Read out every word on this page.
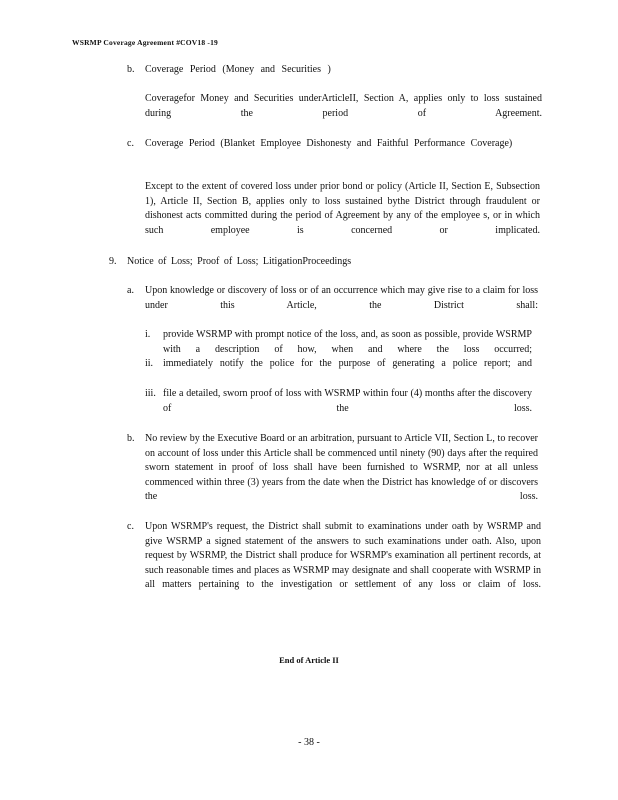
WSRMP Coverage Agreement #COV18 -19
b. Coverage Period (Money and Securities )
Coveragefor Money and Securities underArticleII, Section A, applies only to loss sustained during the period of Agreement.
c. Coverage Period (Blanket Employee Dishonesty and Faithful Performance Coverage)
Except to the extent of covered loss under prior bond or policy (Article II, Section E, Subsection 1), Article II, Section B, applies only to loss sustained bythe District through fraudulent or dishonest acts committed during the period of Agreement by any of the employee s, or in which such employee is concerned or implicated.
9. Notice of Loss; Proof of Loss; LitigationProceedings
a. Upon knowledge or discovery of loss or of an occurrence which may give rise to a claim for loss under this Article, the District shall:
i. provide WSRMP with prompt notice of the loss, and, as soon as possible, provide WSRMP with a description of how, when and where the loss occurred;
ii. immediately notify the police for the purpose of generating a police report; and
iii. file a detailed, sworn proof of loss with WSRMP within four (4) months after the discovery of the loss.
b. No review by the Executive Board or an arbitration, pursuant to Article VII, Section L, to recover on account of loss under this Article shall be commenced until ninety (90) days after the required sworn statement in proof of loss shall have been furnished to WSRMP, nor at all unless commenced within three (3) years from the date when the District has knowledge of or discovers the loss.
c. Upon WSRMP's request, the District shall submit to examinations under oath by WSRMP and give WSRMP a signed statement of the answers to such examinations under oath. Also, upon request by WSRMP, the District shall produce for WSRMP's examination all pertinent records, at such reasonable times and places as WSRMP may designate and shall cooperate with WSRMP in all matters pertaining to the investigation or settlement of any loss or claim of loss.
End of Article II
- 38 -
